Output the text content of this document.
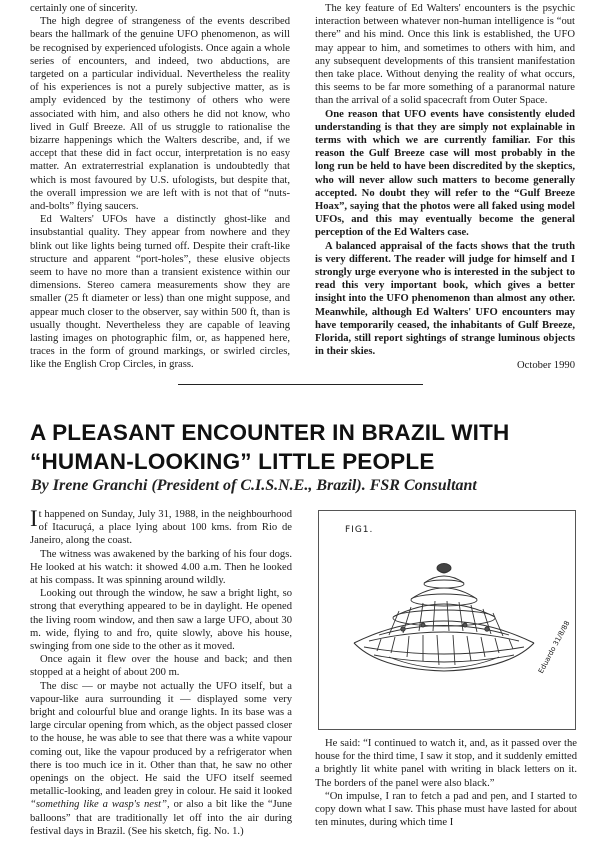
certainly one of sincerity.

The high degree of strangeness of the events described bears the hallmark of the genuine UFO phenomenon, as will be recognised by experienced ufologists. Once again a whole series of encounters, and indeed, two abductions, are targeted on a particular individual. Nevertheless the reality of his experiences is not a purely subjective matter, as is amply evidenced by the testimony of others who were associated with him, and also others he did not know, who lived in Gulf Breeze. All of us struggle to rationalise the bizarre happenings which the Walters describe, and, if we accept that these did in fact occur, interpretation is no easy matter. An extraterrestrial explanation is undoubtedly that which is most favoured by U.S. ufologists, but despite that, the overall impression we are left with is not that of “nuts-and-bolts” flying saucers.

Ed Walters' UFOs have a distinctly ghost-like and insubstantial quality. They appear from nowhere and they blink out like lights being turned off. Despite their craft-like structure and apparent “port-holes”, these elusive objects seem to have no more than a transient existence within our dimensions. Stereo camera measurements show they are smaller (25 ft diameter or less) than one might suppose, and appear much closer to the observer, say within 500 ft, than is usually thought. Nevertheless they are capable of leaving lasting images on photographic film, or, as happened here, traces in the form of ground markings, or swirled circles, like the English Crop Circles, in grass.

The key feature of Ed Walters' encounters is the psychic interaction between whatever non-human intelligence is “out there” and his mind. Once this link is established, the UFO may appear to him, and sometimes to others with him, and any subsequent developments of this transient manifestation then take place. Without denying the reality of what occurs, this seems to be far more something of a paranormal nature than the arrival of a solid spacecraft from Outer Space.

One reason that UFO events have consistently eluded understanding is that they are simply not explainable in terms with which we are currently familiar. For this reason the Gulf Breeze case will most probably in the long run be held to have been discredited by the skeptics, who will never allow such matters to become generally accepted. No doubt they will refer to the “Gulf Breeze Hoax”, saying that the photos were all faked using model UFOs, and this may eventually become the general perception of the Ed Walters case.

A balanced appraisal of the facts shows that the truth is very different. The reader will judge for himself and I strongly urge everyone who is interested in the subject to read this very important book, which gives a better insight into the UFO phenomenon than almost any other. Meanwhile, although Ed Walters' UFO encounters may have temporarily ceased, the inhabitants of Gulf Breeze, Florida, still report sightings of strange luminous objects in their skies.

October 1990
A PLEASANT ENCOUNTER IN BRAZIL WITH “HUMAN-LOOKING” LITTLE PEOPLE
By Irene Granchi (President of C.I.S.N.E., Brazil). FSR Consultant

It happened on Sunday, July 31, 1988, in the neighbourhood of Itacuruçá, a place lying about 100 kms. from Rio de Janeiro, along the coast.

The witness was awakened by the barking of his four dogs. He looked at his watch: it showed 4.00 a.m. Then he looked at his compass. It was spinning around wildly.

Looking out through the window, he saw a bright light, so strong that everything appeared to be in daylight. He opened the living room window, and then saw a large UFO, about 30 m. wide, flying to and fro, quite slowly, above his house, swinging from one side to the other as it moved.

Once again it flew over the house and back; and then stopped at a height of about 200 m.

The disc — or maybe not actually the UFO itself, but a vapour-like aura surrounding it — displayed some very bright and colourful blue and orange lights. In its base was a large circular opening from which, as the object passed closer to the house, he was able to see that there was a white vapour coming out, like the vapour produced by a refrigerator when there is too much ice in it. Other than that, he saw no other openings on the object. He said the UFO itself seemed metallic-looking, and leaden grey in colour. He said it looked “something like a wasp's nest”, or also a bit like the “June balloons” that are traditionally let off into the air during festival days in Brazil. (See his sketch, fig. No. 1.)

FIG1.
Eduardo 31/8/88

He said: “I continued to watch it, and, as it passed over the house for the third time, I saw it stop, and it suddenly emitted a brightly lit white panel with writing in black letters on it. The borders of the panel were also black.”

“On impulse, I ran to fetch a pad and pen, and I started to copy down what I saw. This phase must have lasted for about ten minutes, during which time I
